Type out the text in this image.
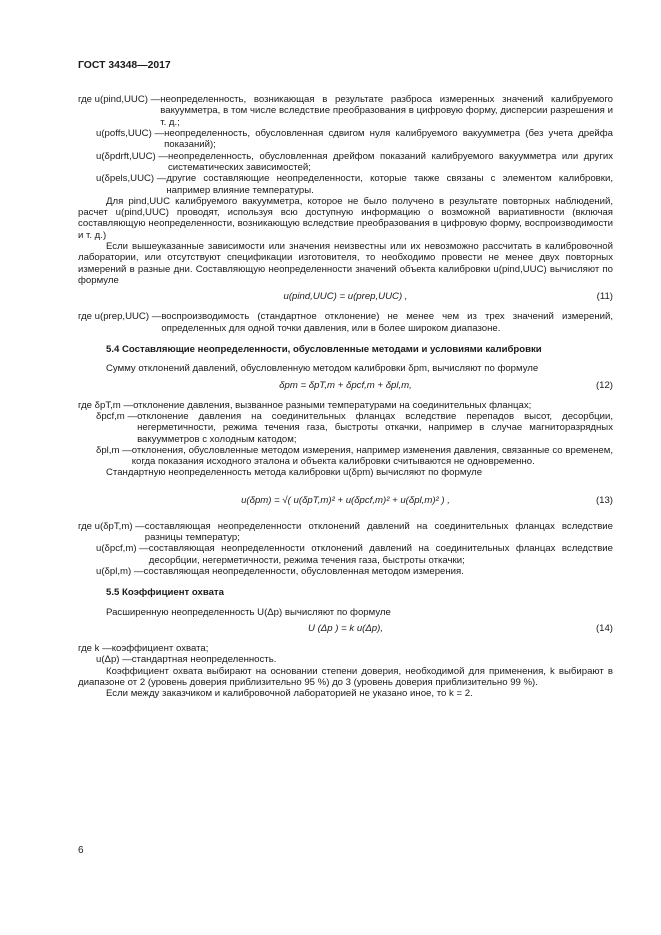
ГОСТ 34348—2017
где u(pind,UUC) — неопределенность, возникающая в результате разброса измеренных значений калибруемого вакуумметра, в том числе вследствие преобразования в цифровую форму, дисперсии разрешения и т. д.;
u(poffs,UUC) — неопределенность, обусловленная сдвигом нуля калибруемого вакуумметра (без учета дрейфа показаний);
u(δpdrft,UUC) — неопределенность, обусловленная дрейфом показаний калибруемого вакуумметра или других систематических зависимостей;
u(δpels,UUC) — другие составляющие неопределенности, которые также связаны с элементом калибровки, например влияние температуры.

Для pind,UUC калибруемого вакуумметра, которое не было получено в результате повторных наблюдений, расчет u(pind,UUC) проводят, используя всю доступную информацию о возможной вариативности (включая составляющую неопределенности, возникающую вследствие преобразования в цифровую форму, воспроизводимости и т. д.)

Если вышеуказанные зависимости или значения неизвестны или их невозможно рассчитать в калибровочной лаборатории, или отсутствуют спецификации изготовителя, то необходимо провести не менее двух повторных измерений в разные дни. Составляющую неопределенности значений объекта калибровки u(pind,UUC) вычисляют по формуле

u(pind,UUC) = u(prep,UUC) ,	(11)
где u(prep,UUC) — воспроизводимость (стандартное отклонение) не менее чем из трех значений измерений, определенных для одной точки давления, или в более широком диапазоне.
5.4 Составляющие неопределенности, обусловленные методами и условиями калибровки

Сумму отклонений давлений, обусловленную методом калибровки δpm, вычисляют по формуле

δpm = δpT,m + δpcf,m + δpl,m,	(12)
где δpT,m — отклонение давления, вызванное разными температурами на соединительных фланцах;
δpcf,m — отклонение давления на соединительных фланцах вследствие перепадов высот, десорбции, негерметичности, режима течения газа, быстроты откачки, например в случае магниторазрядных вакуумметров с холодным катодом;
δpl,m — отклонения, обусловленные методом измерения, например изменения давления, связанные со временем, когда показания исходного эталона и объекта калибровки считываются не одновременно.

Стандартную неопределенность метода калибровки u(δpm) вычисляют по формуле

u(δpm) = √( u(δpT,m)² + u(δpcf,m)² + u(δpl,m)² ) ,	(13)
где u(δpT,m) — составляющая неопределенности отклонений давлений на соединительных фланцах вследствие разницы температур;
u(δpcf,m) — составляющая неопределенности отклонений давлений на соединительных фланцах вследствие десорбции, негерметичности, режима течения газа, быстроты откачки;
u(δpl,m) — составляющая неопределенности, обусловленная методом измерения.
5.5 Коэффициент охвата

Расширенную неопределенность U(Δp) вычисляют по формуле

U (Δp ) = k u(Δp),	(14)
где k — коэффициент охвата;
u(Δp) — стандартная неопределенность.

Коэффициент охвата выбирают на основании степени доверия, необходимой для применения, k выбирают в диапазоне от 2 (уровень доверия приблизительно 95 %) до 3 (уровень доверия приблизительно 99 %).

Если между заказчиком и калибровочной лабораторией не указано иное, то k = 2.

6
